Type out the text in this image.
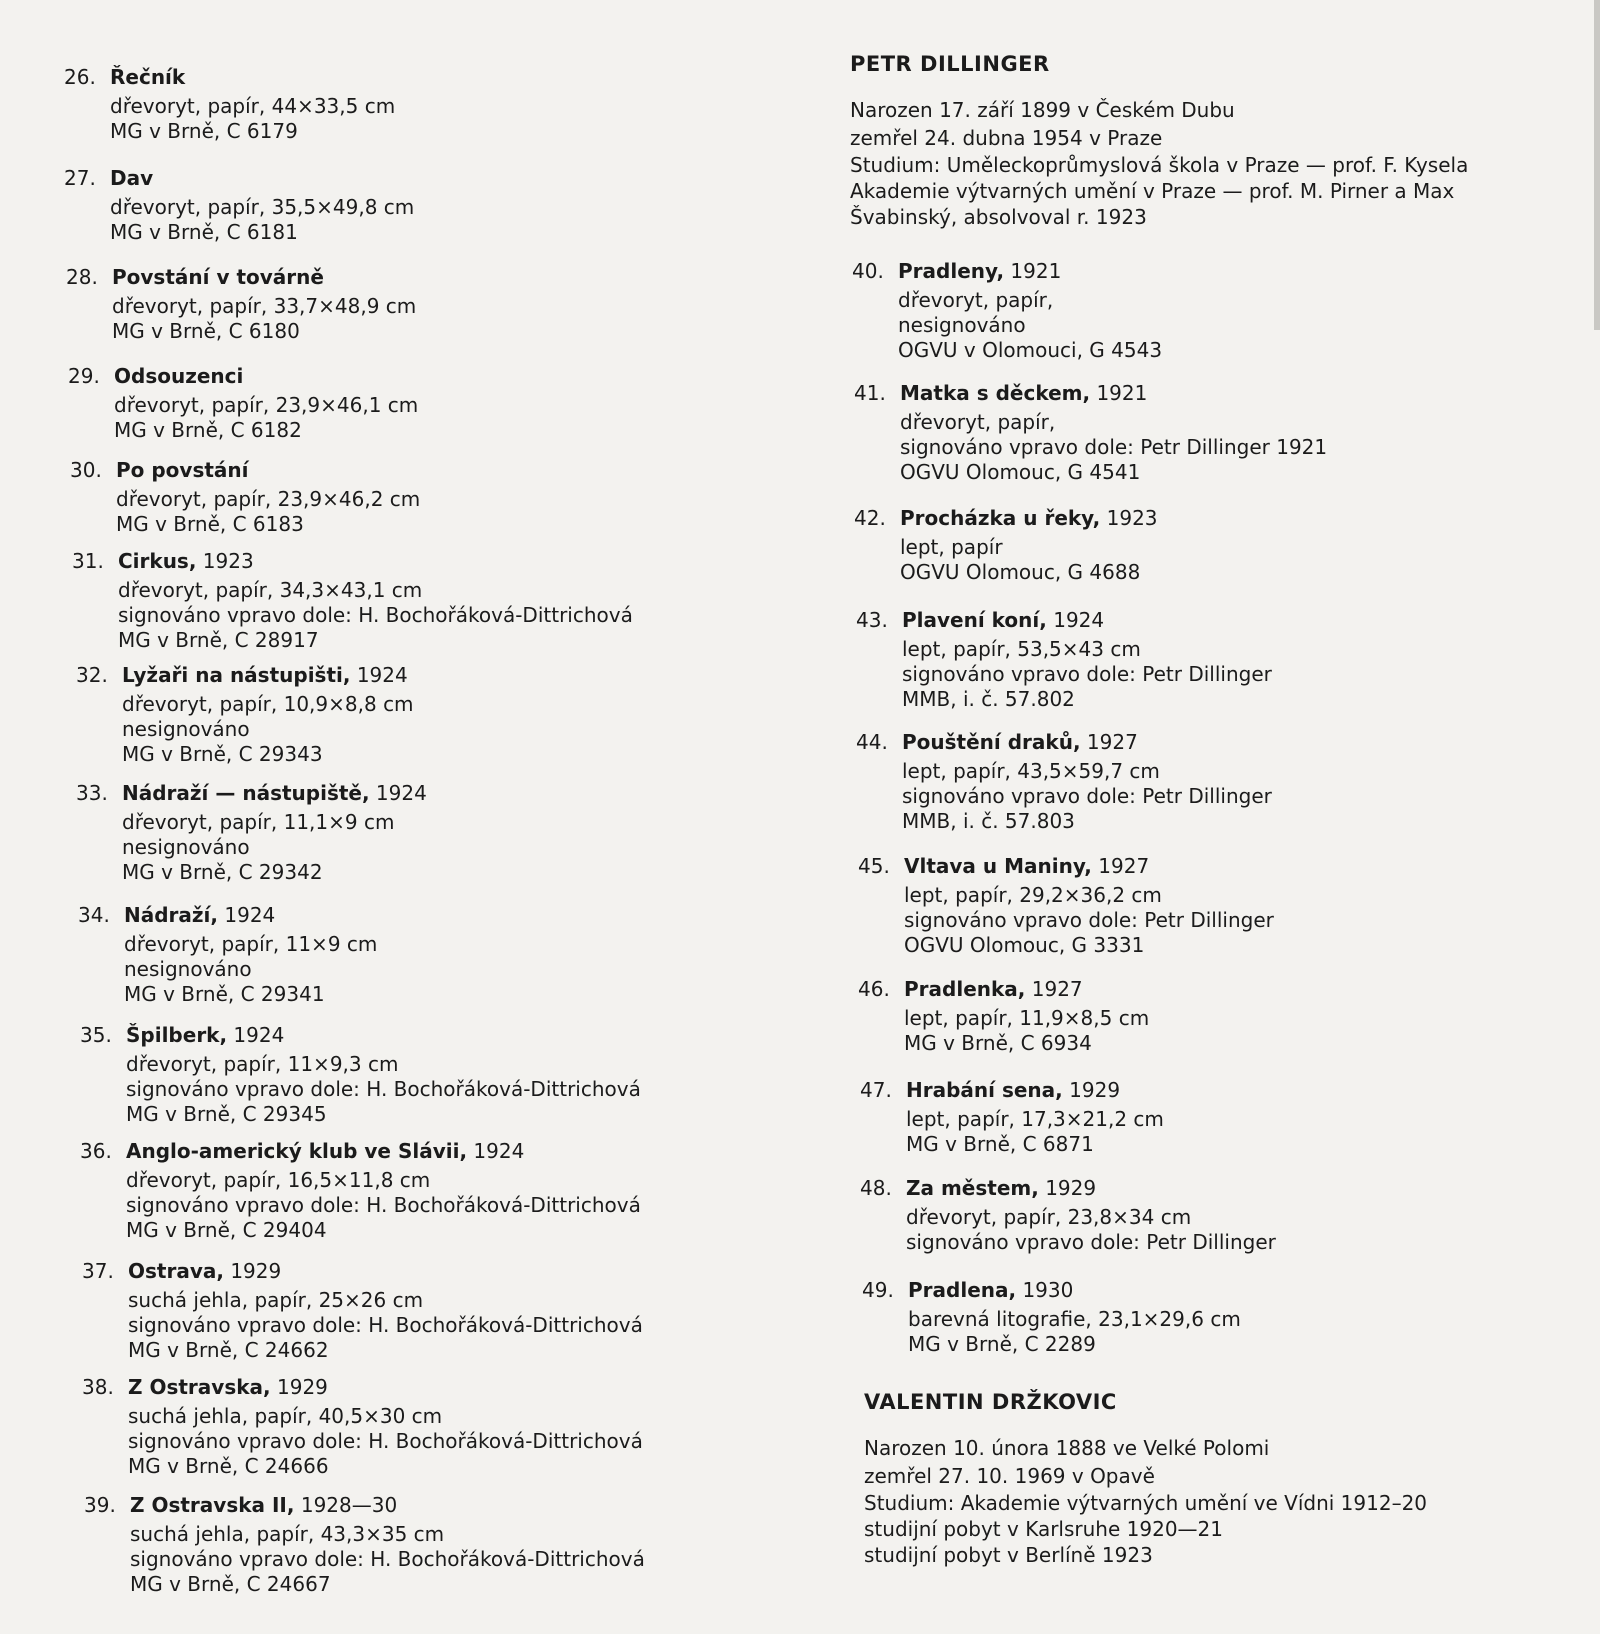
26. Řečník
dřevoryt, papír, 44×33,5 cm
MG v Brně, C 6179
27. Dav
dřevoryt, papír, 35,5×49,8 cm
MG v Brně, C 6181
28. Povstání v továrně
dřevoryt, papír, 33,7×48,9 cm
MG v Brně, C 6180
29. Odsouzenci
dřevoryt, papír, 23,9×46,1 cm
MG v Brně, C 6182
30. Po povstání
dřevoryt, papír, 23,9×46,2 cm
MG v Brně, C 6183
31. Cirkus, 1923
dřevoryt, papír, 34,3×43,1 cm
signováno vpravo dole: H. Bochořáková-Dittrichová
MG v Brně, C 28917
32. Lyžaři na nástupišti, 1924
dřevoryt, papír, 10,9×8,8 cm
nesignováno
MG v Brně, C 29343
33. Nádraží — nástupiště, 1924
dřevoryt, papír, 11,1×9 cm
nesignováno
MG v Brně, C 29342
34. Nádraží, 1924
dřevoryt, papír, 11×9 cm
nesignováno
MG v Brně, C 29341
35. Špilberk, 1924
dřevoryt, papír, 11×9,3 cm
signováno vpravo dole: H. Bochořáková-Dittrichová
MG v Brně, C 29345
36. Anglo-americký klub ve Slávii, 1924
dřevoryt, papír, 16,5×11,8 cm
signováno vpravo dole: H. Bochořáková-Dittrichová
MG v Brně, C 29404
37. Ostrava, 1929
suchá jehla, papír, 25×26 cm
signováno vpravo dole: H. Bochořáková-Dittrichová
MG v Brně, C 24662
38. Z Ostravska, 1929
suchá jehla, papír, 40,5×30 cm
signováno vpravo dole: H. Bochořáková-Dittrichová
MG v Brně, C 24666
39. Z Ostravska II, 1928—30
suchá jehla, papír, 43,3×35 cm
signováno vpravo dole: H. Bochořáková-Dittrichová
MG v Brně, C 24667
PETR DILLINGER
Narozen 17. září 1899 v Českém Dubu
zemřel 24. dubna 1954 v Praze
Studium: Uměleckoprůmyslová škola v Praze — prof. F. Kysela
Akademie výtvarných umění v Praze — prof. M. Pirner a Max
Švabinský, absolvoval r. 1923
40. Pradleny, 1921
dřevoryt, papír,
nesignováno
OGVU v Olomouci, G 4543
41. Matka s děckem, 1921
dřevoryt, papír,
signováno vpravo dole: Petr Dillinger 1921
OGVU Olomouc, G 4541
42. Procházka u řeky, 1923
lept, papír
OGVU Olomouc, G 4688
43. Plavení koní, 1924
lept, papír, 53,5×43 cm
signováno vpravo dole: Petr Dillinger
MMB, i. č. 57.802
44. Pouštění draků, 1927
lept, papír, 43,5×59,7 cm
signováno vpravo dole: Petr Dillinger
MMB, i. č. 57.803
45. Vltava u Maniny, 1927
lept, papír, 29,2×36,2 cm
signováno vpravo dole: Petr Dillinger
OGVU Olomouc, G 3331
46. Pradlenka, 1927
lept, papír, 11,9×8,5 cm
MG v Brně, C 6934
47. Hrabání sena, 1929
lept, papír, 17,3×21,2 cm
MG v Brně, C 6871
48. Za městem, 1929
dřevoryt, papír, 23,8×34 cm
signováno vpravo dole: Petr Dillinger
49. Pradlena, 1930
barevná litografie, 23,1×29,6 cm
MG v Brně, C 2289
VALENTIN DRŽKOVIC
Narozen 10. února 1888 ve Velké Polomi
zemřel 27. 10. 1969 v Opavě
Studium: Akademie výtvarných umění ve Vídni 1912–20
studijní pobyt v Karlsruhe 1920—21
studijní pobyt v Berlíně 1923
